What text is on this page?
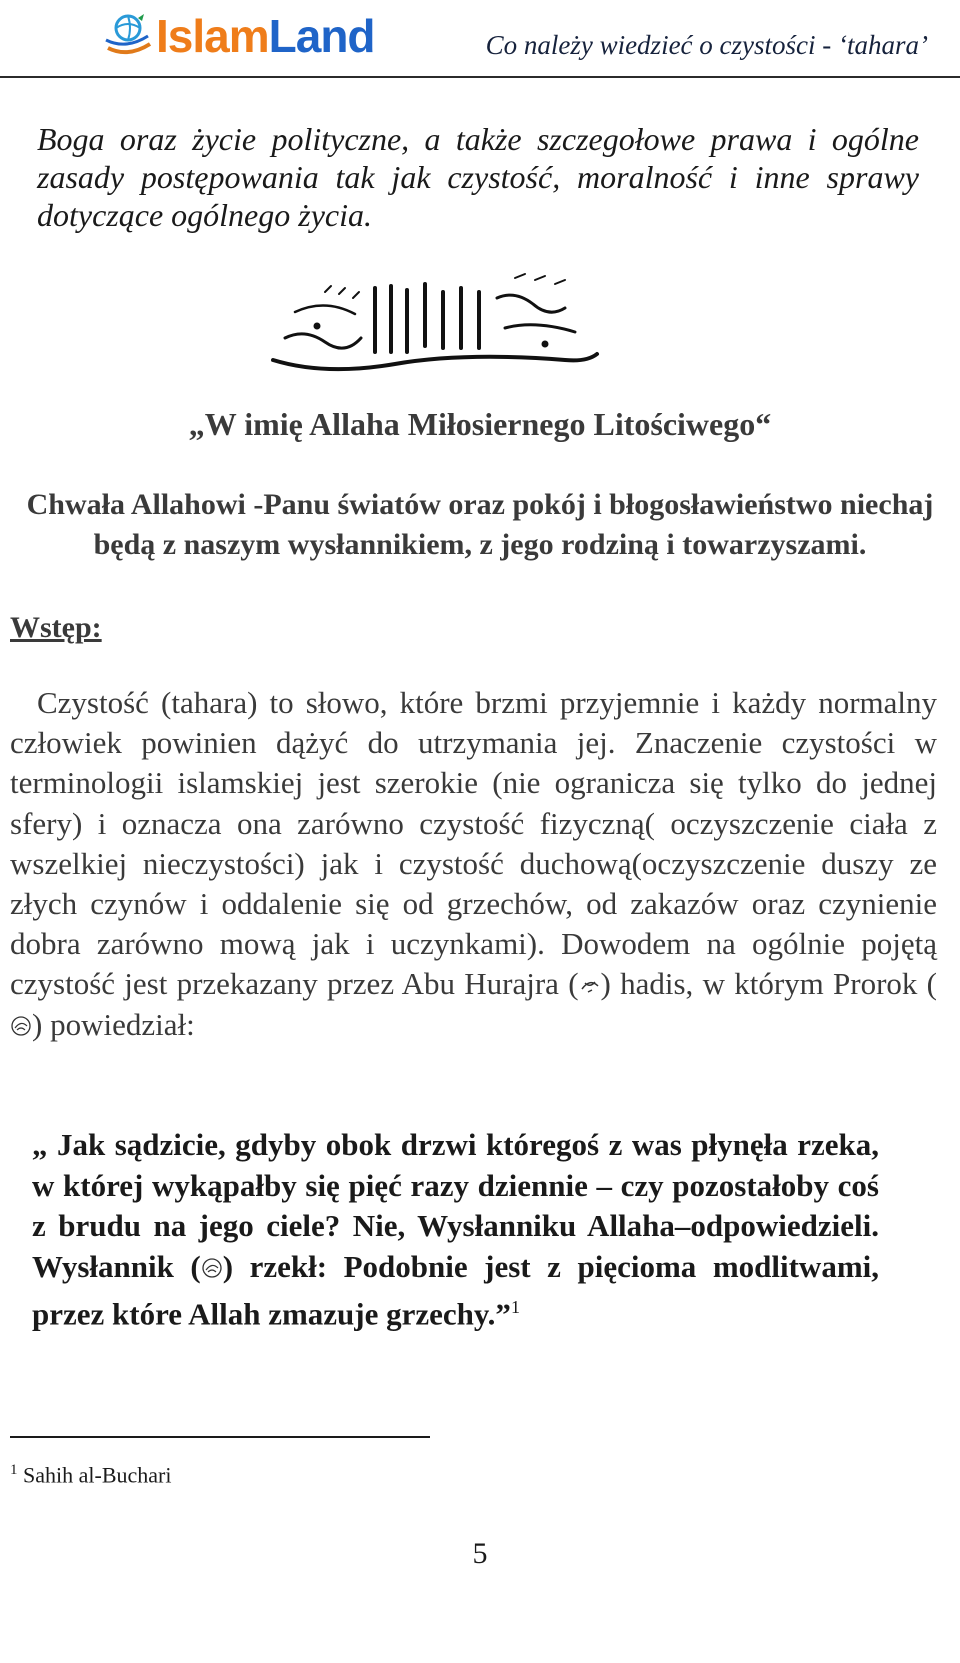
IslamLand	Co należy wiedzieć o czystości - ‘tahara’

Boga oraz życie polityczne, a także szczegołowe prawa i ogólne zasady postępowania tak jak czystość, moralność i inne sprawy dotyczące ogólnego życia.

„W imię Allaha Miłosiernego Litościwego“
Chwała Allahowi -Panu światów oraz pokój i błogosławieństwo niechaj będą z naszym wysłannikiem, z jego rodziną i towarzyszami.
Wstęp:

Czystość (tahara) to słowo, które brzmi przyjemnie i każdy normalny człowiek powinien dążyć do utrzymania jej. Znaczenie czystości w terminologii islamskiej jest szerokie (nie ogranicza się tylko do jednej sfery) i oznacza ona zarówno czystość fizyczną( oczyszczenie ciała z wszelkiej nieczystości) jak i czystość duchową(oczyszczenie duszy ze złych czynów i oddalenie się od grzechów, od zakazów oraz czynienie dobra zarówno mową jak i uczynkami). Dowodem na ogólnie pojętą czystość jest przekazany przez Abu Hurajra ( ) hadis, w którym Prorok () powiedział:

„ Jak sądzicie, gdyby obok drzwi któregoś z was płynęła rzeka, w której wykąpałby się pięć razy dziennie – czy pozostałoby coś z brudu na jego ciele? Nie, Wysłanniku Allaha–odpowiedzieli. Wysłannik ( ) rzekł: Podobnie jest z pięcioma modlitwami, przez które Allah zmazuje grzechy.”$^1$

$^1$ Sahih al-Buchari
5
